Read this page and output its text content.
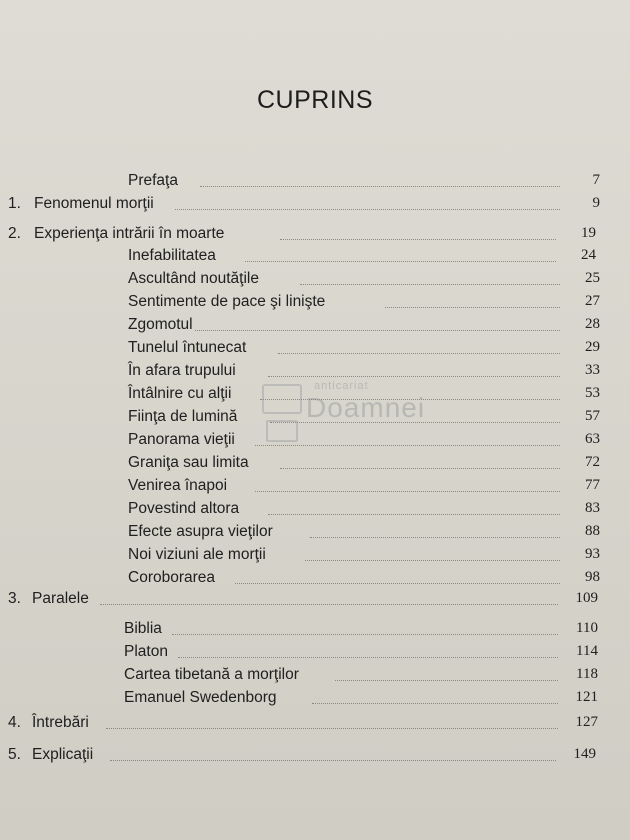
CUPRINS
anticariat
Doamnei
Prefaţa	7
1. Fenomenul morţii	9
2. Experienţa intrării în moarte	19
Inefabilitatea	24
Ascultând noutăţile	25
Sentimente de pace şi linişte	27
Zgomotul	28
Tunelul întunecat	29
În afara trupului	33
Întâlnire cu alţii	53
Fiinţa de lumină	57
Panorama vieţii	63
Graniţa sau limita	72
Venirea înapoi	77
Povestind altora	83
Efecte asupra vieţilor	88
Noi viziuni ale morţii	93
Coroborarea	98
3. Paralele	109
Biblia	110
Platon	114
Cartea tibetană a morţilor	118
Emanuel Swedenborg	121
4. Întrebări	127
5. Explicaţii	149
